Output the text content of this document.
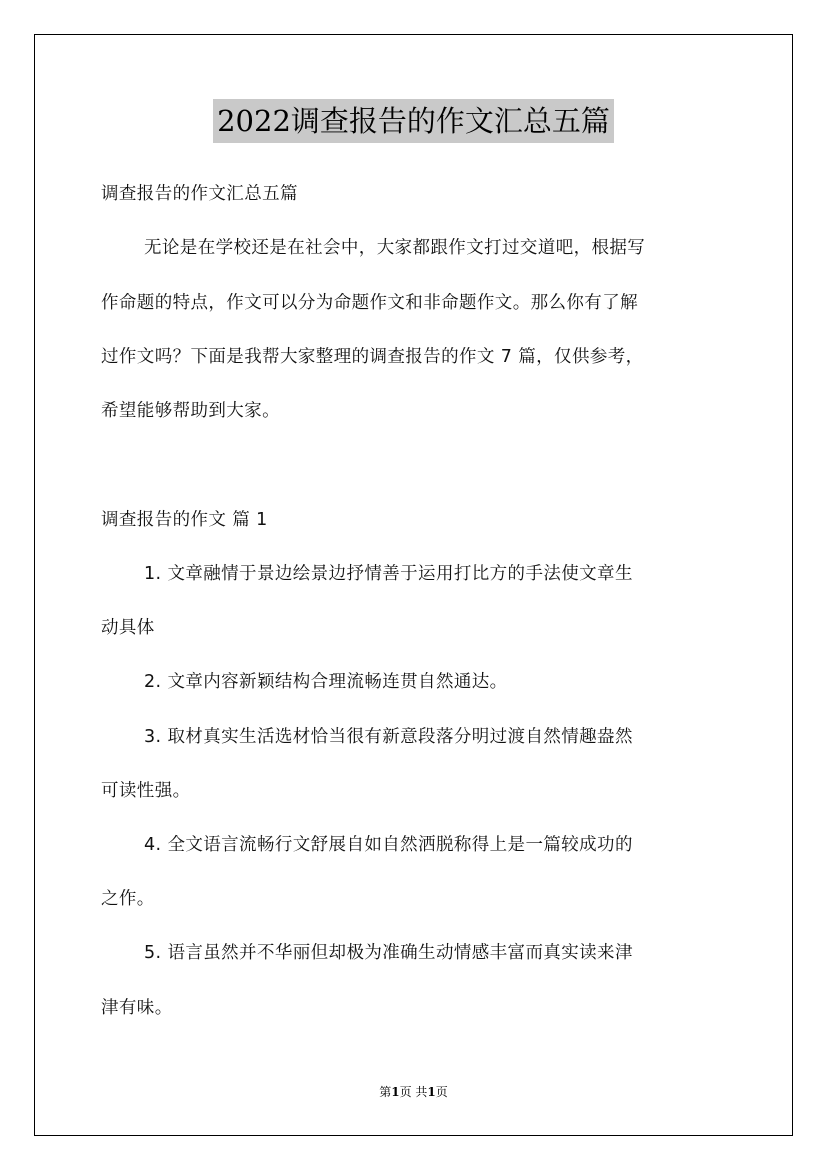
2022调查报告的作文汇总五篇
调查报告的作文汇总五篇
无论是在学校还是在社会中，大家都跟作文打过交道吧，根据写
作命题的特点，作文可以分为命题作文和非命题作文。那么你有了解
过作文吗？下面是我帮大家整理的调查报告的作文 7 篇，仅供参考，
希望能够帮助到大家。
调查报告的作文 篇 1
1. 文章融情于景边绘景边抒情善于运用打比方的手法使文章生
动具体
2. 文章内容新颖结构合理流畅连贯自然通达。
3. 取材真实生活选材恰当很有新意段落分明过渡自然情趣盎然
可读性强。
4. 全文语言流畅行文舒展自如自然洒脱称得上是一篇较成功的
之作。
5. 语言虽然并不华丽但却极为准确生动情感丰富而真实读来津
津有味。
第1页 共1页
